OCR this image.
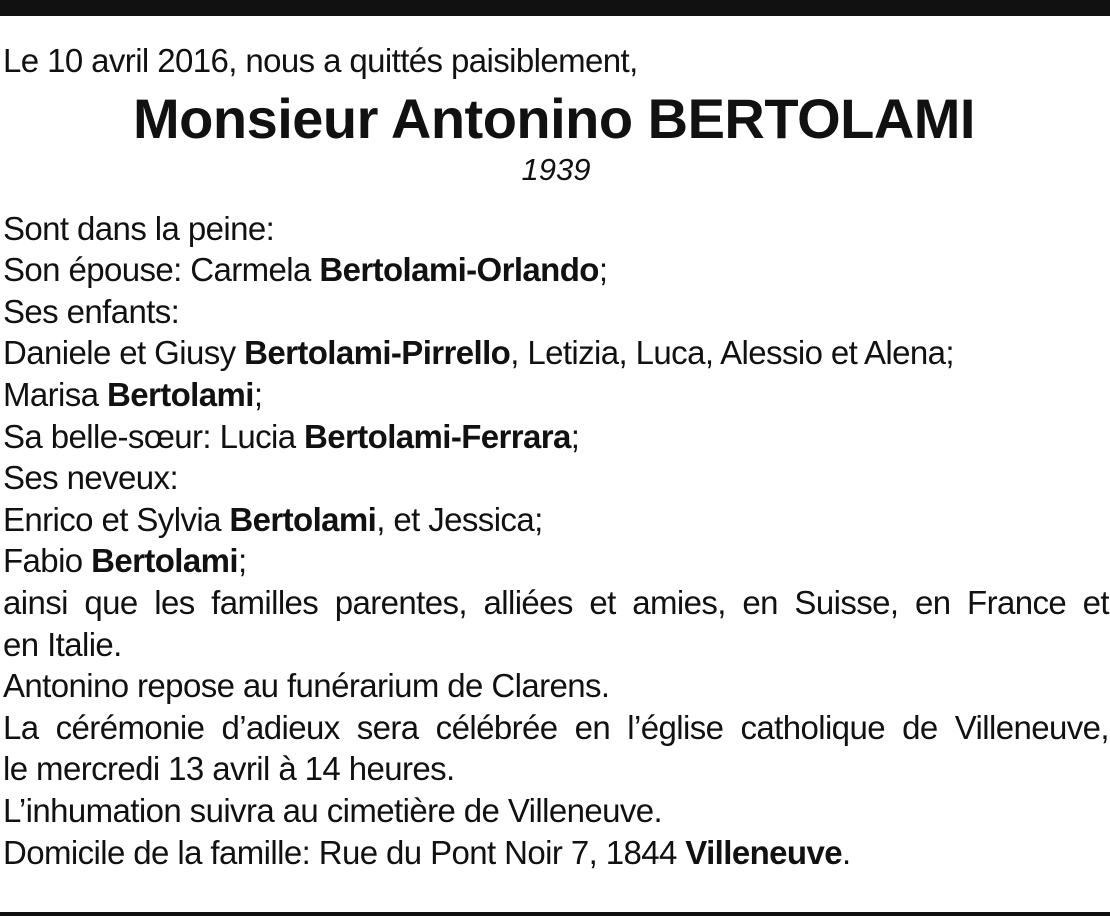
Le 10 avril 2016, nous a quittés paisiblement,
Monsieur Antonino BERTOLAMI
1939
Sont dans la peine:
Son épouse: Carmela Bertolami-Orlando;
Ses enfants:
Daniele et Giusy Bertolami-Pirrello, Letizia, Luca, Alessio et Alena;
Marisa Bertolami;
Sa belle-sœur: Lucia Bertolami-Ferrara;
Ses neveux:
Enrico et Sylvia Bertolami, et Jessica;
Fabio Bertolami;
ainsi que les familles parentes, alliées et amies, en Suisse, en France et
en Italie.
Antonino repose au funérarium de Clarens.
La cérémonie d’adieux sera célébrée en l’église catholique de Villeneuve,
le mercredi 13 avril à 14 heures.
L’inhumation suivra au cimetière de Villeneuve.
Domicile de la famille: Rue du Pont Noir 7, 1844 Villeneuve.
